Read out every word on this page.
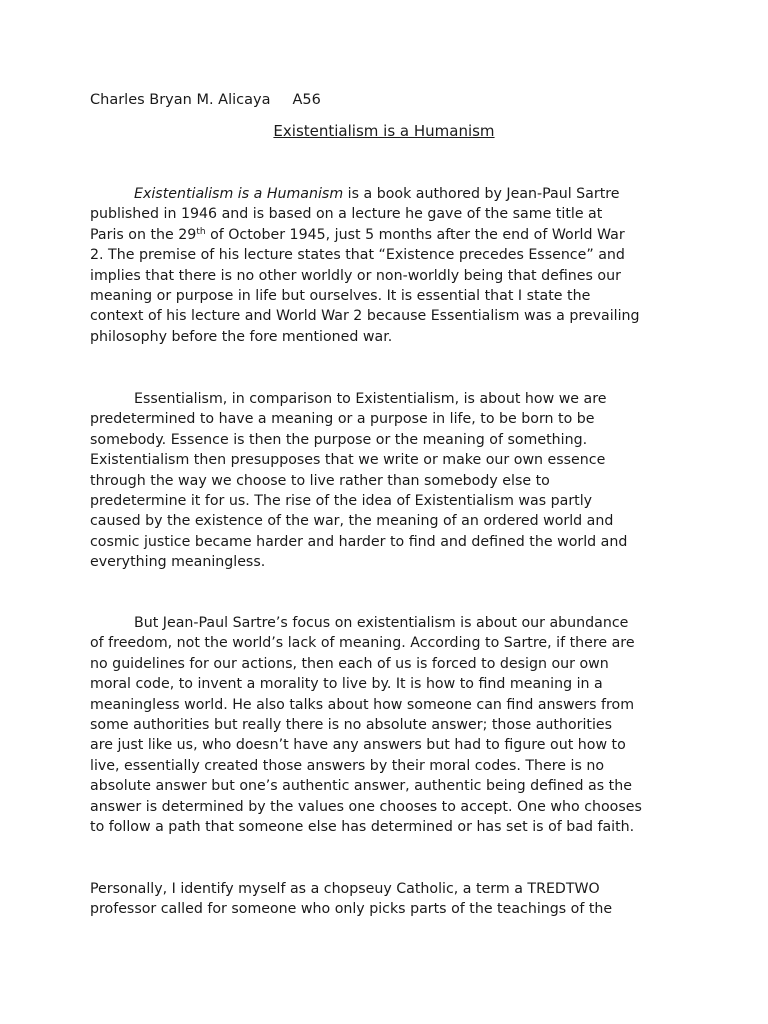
Charles Bryan M. Alicaya A56
Existentialism is a Humanism

Existentialism is a Humanism is a book authored by Jean-Paul Sartre
published in 1946 and is based on a lecture he gave of the same title at
Paris on the 29th of October 1945, just 5 months after the end of World War
2. The premise of his lecture states that “Existence precedes Essence” and
implies that there is no other worldly or non-worldly being that defines our
meaning or purpose in life but ourselves. It is essential that I state the
context of his lecture and World War 2 because Essentialism was a prevailing
philosophy before the fore mentioned war.

Essentialism, in comparison to Existentialism, is about how we are
predetermined to have a meaning or a purpose in life, to be born to be
somebody. Essence is then the purpose or the meaning of something.
Existentialism then presupposes that we write or make our own essence
through the way we choose to live rather than somebody else to
predetermine it for us. The rise of the idea of Existentialism was partly
caused by the existence of the war, the meaning of an ordered world and
cosmic justice became harder and harder to find and defined the world and
everything meaningless.

But Jean-Paul Sartre’s focus on existentialism is about our abundance
of freedom, not the world’s lack of meaning. According to Sartre, if there are
no guidelines for our actions, then each of us is forced to design our own
moral code, to invent a morality to live by. It is how to find meaning in a
meaningless world. He also talks about how someone can find answers from
some authorities but really there is no absolute answer; those authorities
are just like us, who doesn’t have any answers but had to figure out how to
live, essentially created those answers by their moral codes. There is no
absolute answer but one’s authentic answer, authentic being defined as the
answer is determined by the values one chooses to accept. One who chooses
to follow a path that someone else has determined or has set is of bad faith.

Personally, I identify myself as a chopseuy Catholic, a term a TREDTWO
professor called for someone who only picks parts of the teachings of the
